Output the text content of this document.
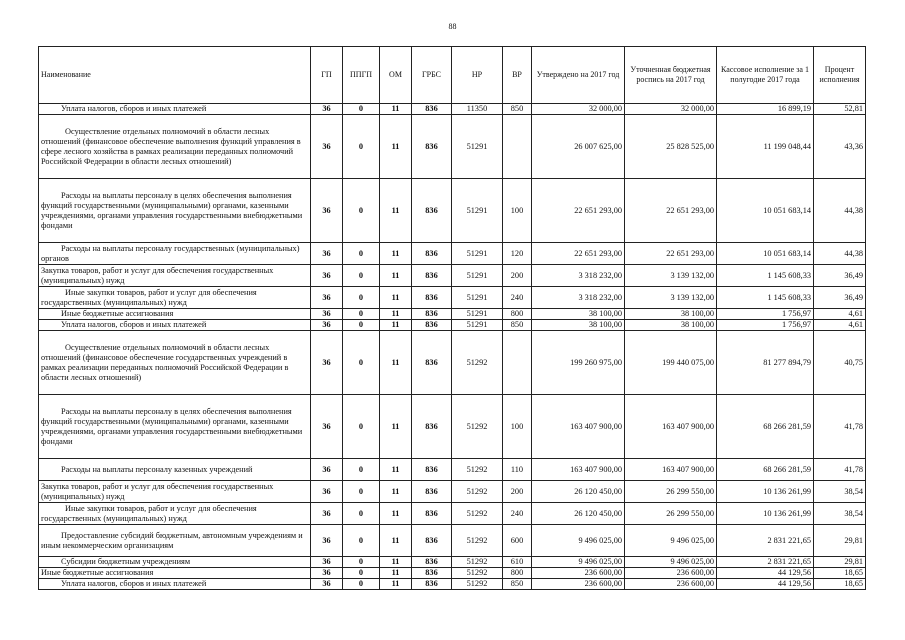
88
Наименование	ГП	ППГП	ОМ	ГРБС	НР	ВР	Утверждено на 2017 год	Уточненная бюджетная роспись на 2017 год	Кассовое исполнение за 1 полугодие 2017 года	Процент исполнения
Уплата налогов, сборов и иных платежей	36	0	11	836	11350	850	32 000,00	32 000,00	16 899,19	52,81
Осуществление отдельных полномочий в области лесных отношений (финансовое обеспечение выполнения функций управления в сфере лесного хозяйства в рамках реализации переданных полномочий Российской Федерации в области лесных отношений)	36	0	11	836	51291		26 007 625,00	25 828 525,00	11 199 048,44	43,36
Расходы на выплаты персоналу в целях обеспечения выполнения функций государственными (муниципальными) органами, казенными учреждениями, органами управления государственными внебюджетными фондами	36	0	11	836	51291	100	22 651 293,00	22 651 293,00	10 051 683,14	44,38
Расходы на выплаты персоналу государственных (муниципальных) органов	36	0	11	836	51291	120	22 651 293,00	22 651 293,00	10 051 683,14	44,38
Закупка товаров, работ и услуг для обеспечения государственных (муниципальных) нужд	36	0	11	836	51291	200	3 318 232,00	3 139 132,00	1 145 608,33	36,49
Иные закупки товаров, работ и услуг для обеспечения государственных (муниципальных) нужд	36	0	11	836	51291	240	3 318 232,00	3 139 132,00	1 145 608,33	36,49
Иные бюджетные ассигнования	36	0	11	836	51291	800	38 100,00	38 100,00	1 756,97	4,61
Уплата налогов, сборов и иных платежей	36	0	11	836	51291	850	38 100,00	38 100,00	1 756,97	4,61
Осуществление отдельных полномочий в области лесных отношений (финансовое обеспечение государственных учреждений в рамках реализации переданных полномочий Российской Федерации в области лесных отношений)	36	0	11	836	51292		199 260 975,00	199 440 075,00	81 277 894,79	40,75
Расходы на выплаты персоналу в целях обеспечения выполнения функций государственными (муниципальными) органами, казенными учреждениями, органами управления государственными внебюджетными фондами	36	0	11	836	51292	100	163 407 900,00	163 407 900,00	68 266 281,59	41,78
Расходы на выплаты персоналу казенных учреждений	36	0	11	836	51292	110	163 407 900,00	163 407 900,00	68 266 281,59	41,78
Закупка товаров, работ и услуг для обеспечения государственных (муниципальных) нужд	36	0	11	836	51292	200	26 120 450,00	26 299 550,00	10 136 261,99	38,54
Иные закупки товаров, работ и услуг для обеспечения государственных (муниципальных) нужд	36	0	11	836	51292	240	26 120 450,00	26 299 550,00	10 136 261,99	38,54
Предоставление субсидий бюджетным, автономным учреждениям и иным некоммерческим организациям	36	0	11	836	51292	600	9 496 025,00	9 496 025,00	2 831 221,65	29,81
Субсидии бюджетным учреждениям	36	0	11	836	51292	610	9 496 025,00	9 496 025,00	2 831 221,65	29,81
Иные бюджетные ассигнования	36	0	11	836	51292	800	236 600,00	236 600,00	44 129,56	18,65
Уплата налогов, сборов и иных платежей	36	0	11	836	51292	850	236 600,00	236 600,00	44 129,56	18,65
